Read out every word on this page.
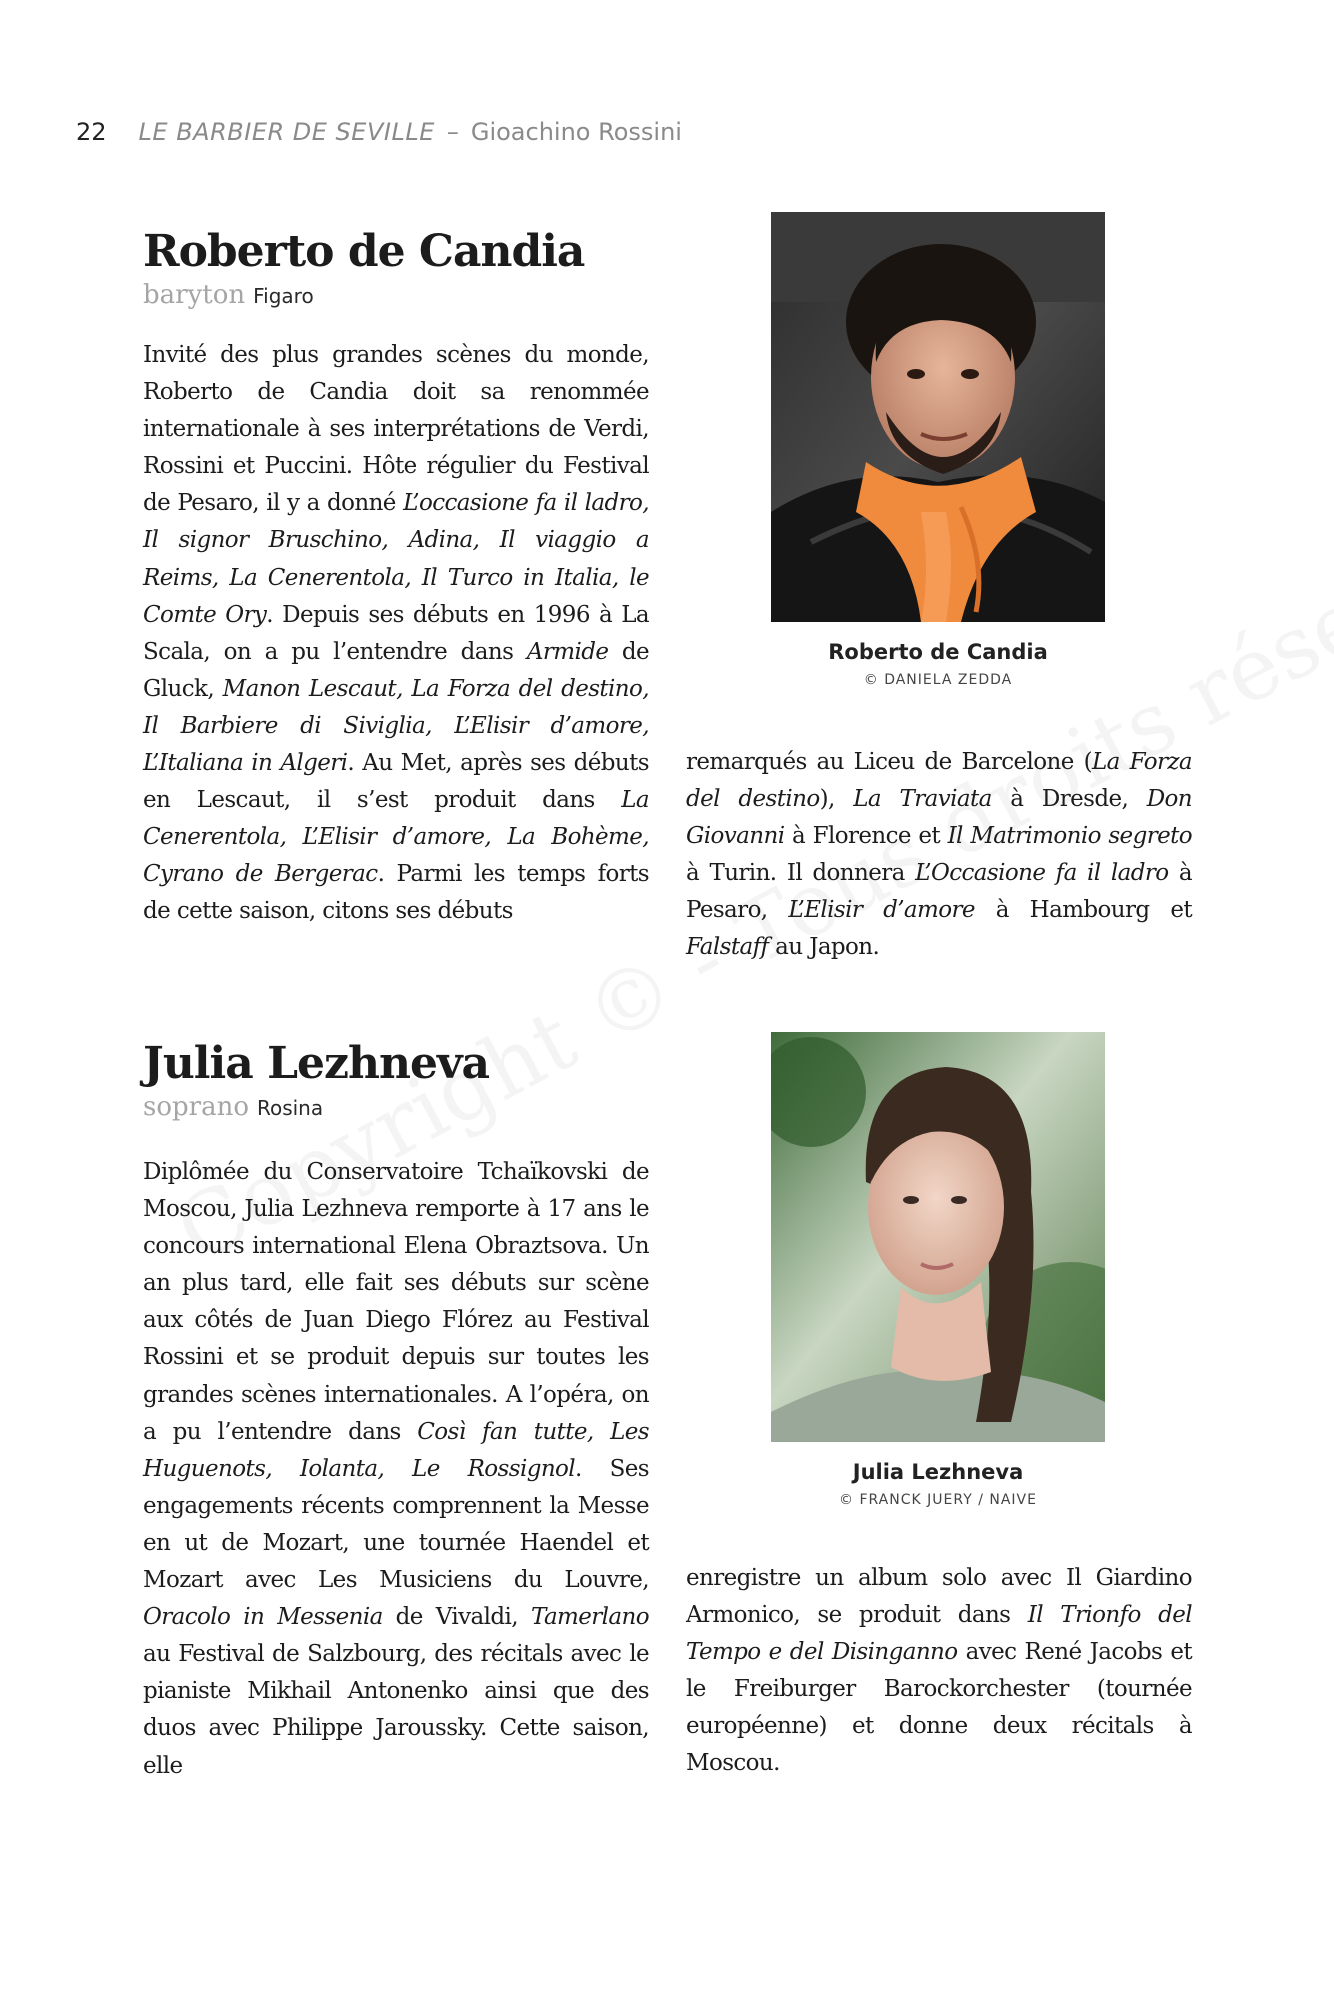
22 LE BARBIER DE SEVILLE – Gioachino Rossini
Roberto de Candia
baryton Figaro

Invité des plus grandes scènes du monde, Roberto de Candia doit sa renommée internationale à ses interprétations de Verdi, Rossini et Puccini. Hôte régulier du Festival de Pesaro, il y a donné L’occasione fa il ladro, Il signor Bruschino, Adina, Il viaggio a Reims, La Cenerentola, Il Turco in Italia, le Comte Ory. Depuis ses débuts en 1996 à La Scala, on a pu l’entendre dans Armide de Gluck, Manon Lescaut, La Forza del destino, Il Barbiere di Siviglia, L’Elisir d’amore, L’Italiana in Algeri. Au Met, après ses débuts en Lescaut, il s’est produit dans La Cenerentola, L’Elisir d’amore, La Bohème, Cyrano de Bergerac. Parmi les temps forts de cette saison, citons ses débuts

Roberto de Candia
© DANIELA ZEDDA

remarqués au Liceu de Barcelone (La Forza del destino), La Traviata à Dresde, Don Giovanni à Florence et Il Matrimonio segreto à Turin. Il donnera L’Occasione fa il ladro à Pesaro, L’Elisir d’amore à Hambourg et Falstaff au Japon.

Julia Lezhneva
soprano Rosina

Diplômée du Conservatoire Tchaïkovski de Moscou, Julia Lezhneva remporte à 17 ans le concours international Elena Obraztsova. Un an plus tard, elle fait ses débuts sur scène aux côtés de Juan Diego Flórez au Festival Rossini et se produit depuis sur toutes les grandes scènes internationales. A l’opéra, on a pu l’entendre dans Così fan tutte, Les Huguenots, Iolanta, Le Rossignol. Ses engagements récents comprennent la Messe en ut de Mozart, une tournée Haendel et Mozart avec Les Musiciens du Louvre, Oracolo in Messenia de Vivaldi, Tamerlano au Festival de Salzbourg, des récitals avec le pianiste Mikhail Antonenko ainsi que des duos avec Philippe Jaroussky. Cette saison, elle

Julia Lezhneva
© FRANCK JUERY / NAIVE

enregistre un album solo avec Il Giardino Armonico, se produit dans Il Trionfo del Tempo e del Disinganno avec René Jacobs et le Freiburger Barockorchester (tournée européenne) et donne deux récitals à Moscou.
